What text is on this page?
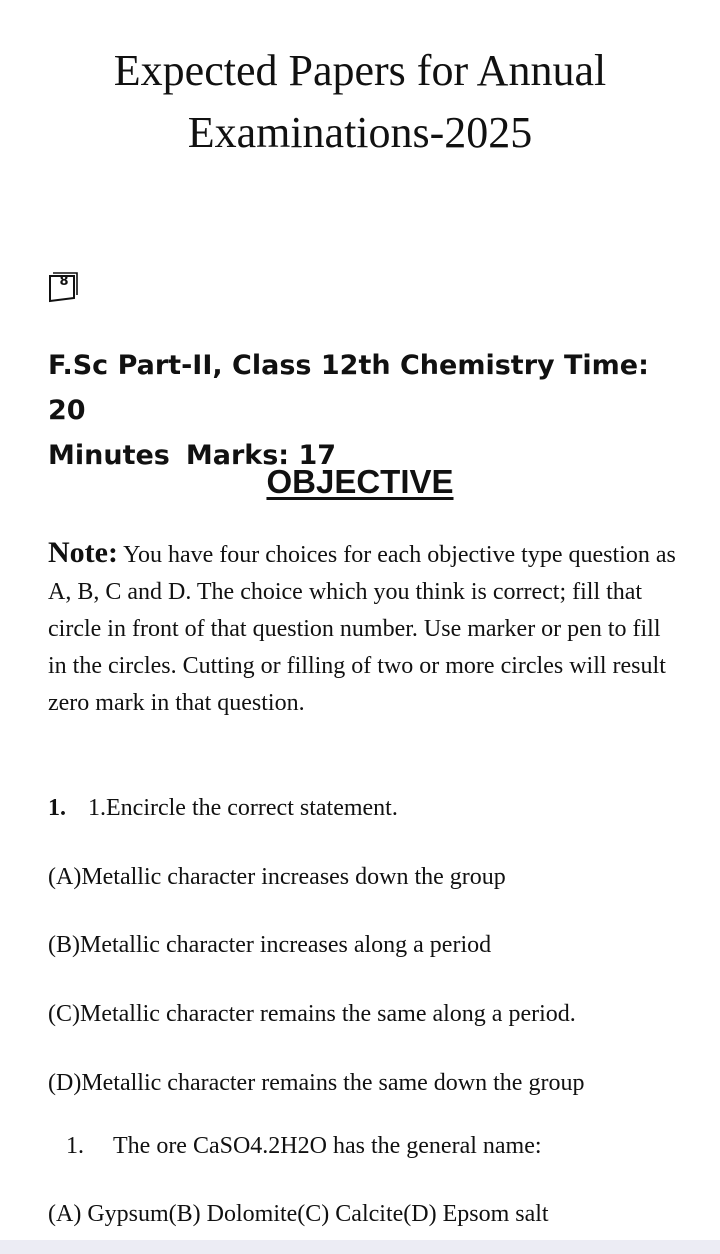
Expected Papers for Annual
Examinations-2025
8

F.Sc Part-II, Class 12th Chemistry Time: 20
Minutes Marks: 17

OBJECTIVE

Note: You have four choices for each objective type question as A, B, C and D. The choice which you think is correct; fill that circle in front of that question number. Use marker or pen to fill in the circles. Cutting or filling of two or more circles will result zero mark in that question.

1. 1.Encircle the correct statement.

(A)Metallic character increases down the group

(B)Metallic character increases along a period

(C)Metallic character remains the same along a period.

(D)Metallic character remains the same down the group

1. The ore CaSO4.2H2O has the general name:

(A) Gypsum(B) Dolomite(C) Calcite(D) Epsom salt
